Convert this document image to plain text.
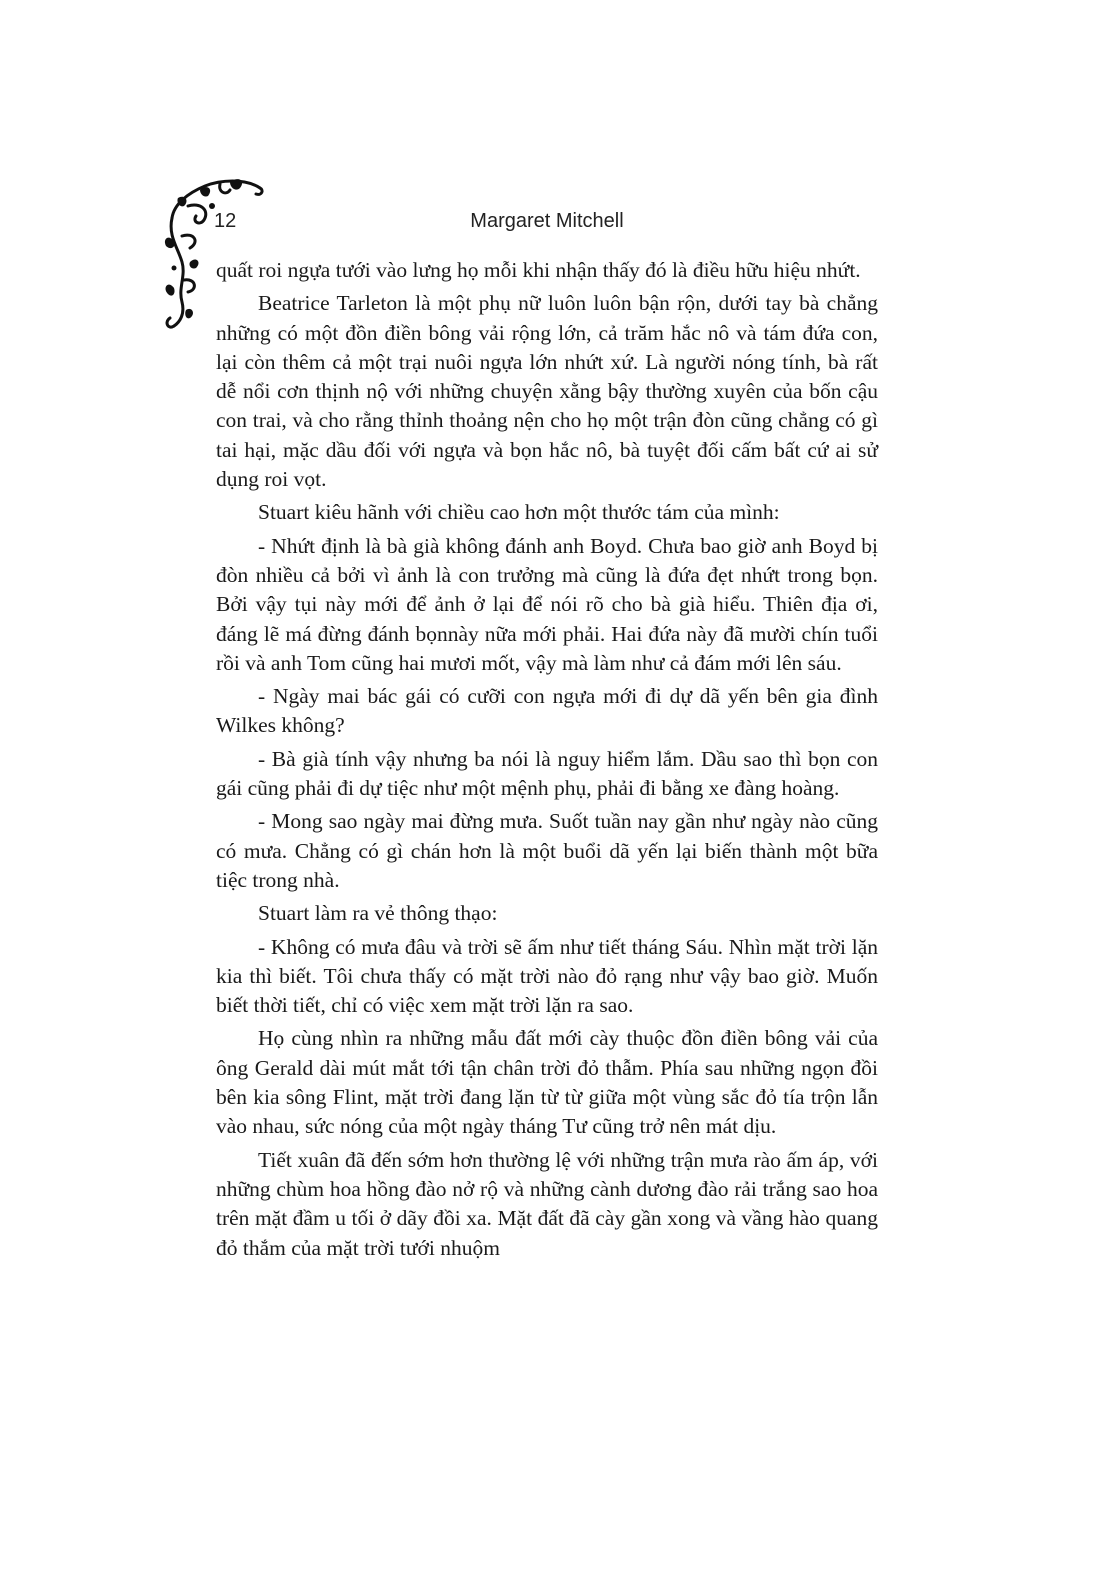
12	Margaret Mitchell

quất roi ngựa tưới vào lưng họ mỗi khi nhận thấy đó là điều hữu hiệu nhứt.

Beatrice Tarleton là một phụ nữ luôn luôn bận rộn, dưới tay bà chẳng những có một đồn điền bông vải rộng lớn, cả trăm hắc nô và tám đứa con, lại còn thêm cả một trại nuôi ngựa lớn nhứt xứ. Là người nóng tính, bà rất dễ nổi cơn thịnh nộ với những chuyện xằng bậy thường xuyên của bốn cậu con trai, và cho rằng thỉnh thoảng nện cho họ một trận đòn cũng chẳng có gì tai hại, mặc dầu đối với ngựa và bọn hắc nô, bà tuyệt đối cấm bất cứ ai sử dụng roi vọt.

Stuart kiêu hãnh với chiều cao hơn một thước tám của mình:

- Nhứt định là bà già không đánh anh Boyd. Chưa bao giờ anh Boyd bị đòn nhiều cả bởi vì ảnh là con trưởng mà cũng là đứa đẹt nhứt trong bọn. Bởi vậy tụi này mới để ảnh ở lại để nói rõ cho bà già hiểu. Thiên địa ơi, đáng lẽ má đừng đánh bọnnày nữa mới phải. Hai đứa này đã mười chín tuổi rồi và anh Tom cũng hai mươi mốt, vậy mà làm như cả đám mới lên sáu.

- Ngày mai bác gái có cưỡi con ngựa mới đi dự dã yến bên gia đình Wilkes không?

- Bà già tính vậy nhưng ba nói là nguy hiểm lắm. Dầu sao thì bọn con gái cũng phải đi dự tiệc như một mệnh phụ, phải đi bằng xe đàng hoàng.

- Mong sao ngày mai đừng mưa. Suốt tuần nay gần như ngày nào cũng có mưa. Chẳng có gì chán hơn là một buổi dã yến lại biến thành một bữa tiệc trong nhà.

Stuart làm ra vẻ thông thạo:

- Không có mưa đâu và trời sẽ ấm như tiết tháng Sáu. Nhìn mặt trời lặn kia thì biết. Tôi chưa thấy có mặt trời nào đỏ rạng như vậy bao giờ. Muốn biết thời tiết, chỉ có việc xem mặt trời lặn ra sao.

Họ cùng nhìn ra những mẫu đất mới cày thuộc đồn điền bông vải của ông Gerald dài mút mắt tới tận chân trời đỏ thẫm. Phía sau những ngọn đồi bên kia sông Flint, mặt trời đang lặn từ từ giữa một vùng sắc đỏ tía trộn lẫn vào nhau, sức nóng của một ngày tháng Tư cũng trở nên mát dịu.

Tiết xuân đã đến sớm hơn thường lệ với những trận mưa rào ấm áp, với những chùm hoa hồng đào nở rộ và những cành dương đào rải trắng sao hoa trên mặt đầm u tối ở dãy đồi xa. Mặt đất đã cày gần xong và vầng hào quang đỏ thắm của mặt trời tưới nhuộm
